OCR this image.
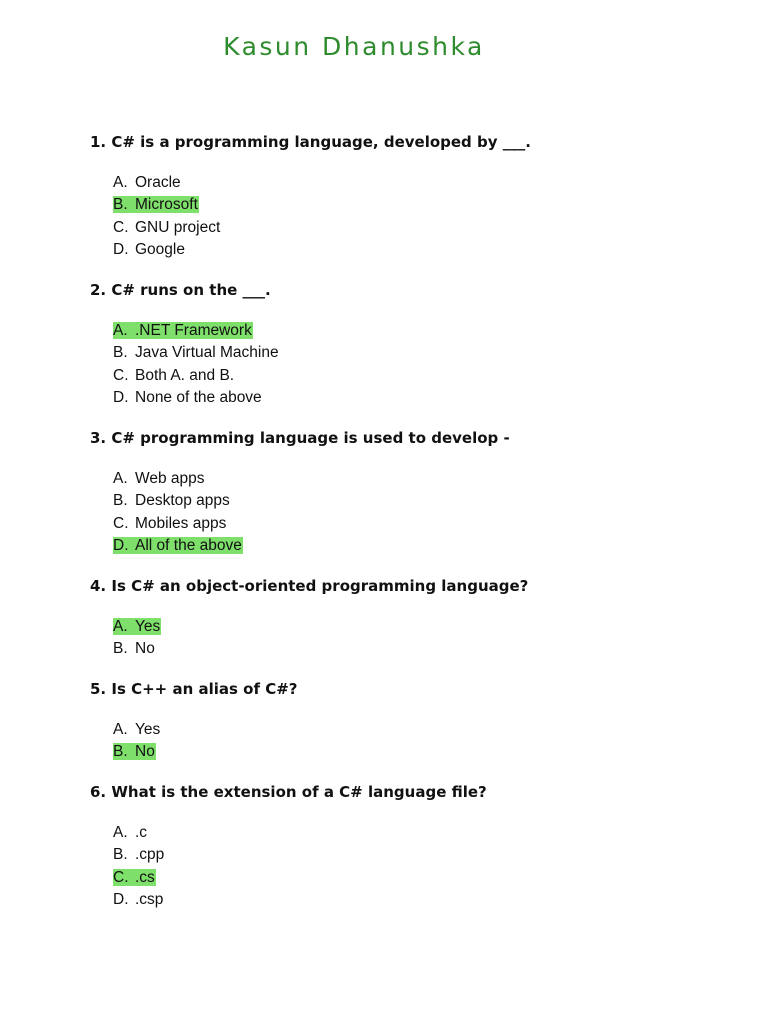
Kasun Dhanushka
1. C# is a programming language, developed by ___.
A. Oracle
B. Microsoft
C. GNU project
D. Google
2. C# runs on the ___.
A. .NET Framework
B. Java Virtual Machine
C. Both A. and B.
D. None of the above
3. C# programming language is used to develop -
A. Web apps
B. Desktop apps
C. Mobiles apps
D. All of the above
4. Is C# an object-oriented programming language?
A. Yes
B. No
5. Is C++ an alias of C#?
A. Yes
B. No
6. What is the extension of a C# language file?
A. .c
B. .cpp
C. .cs
D. .csp
